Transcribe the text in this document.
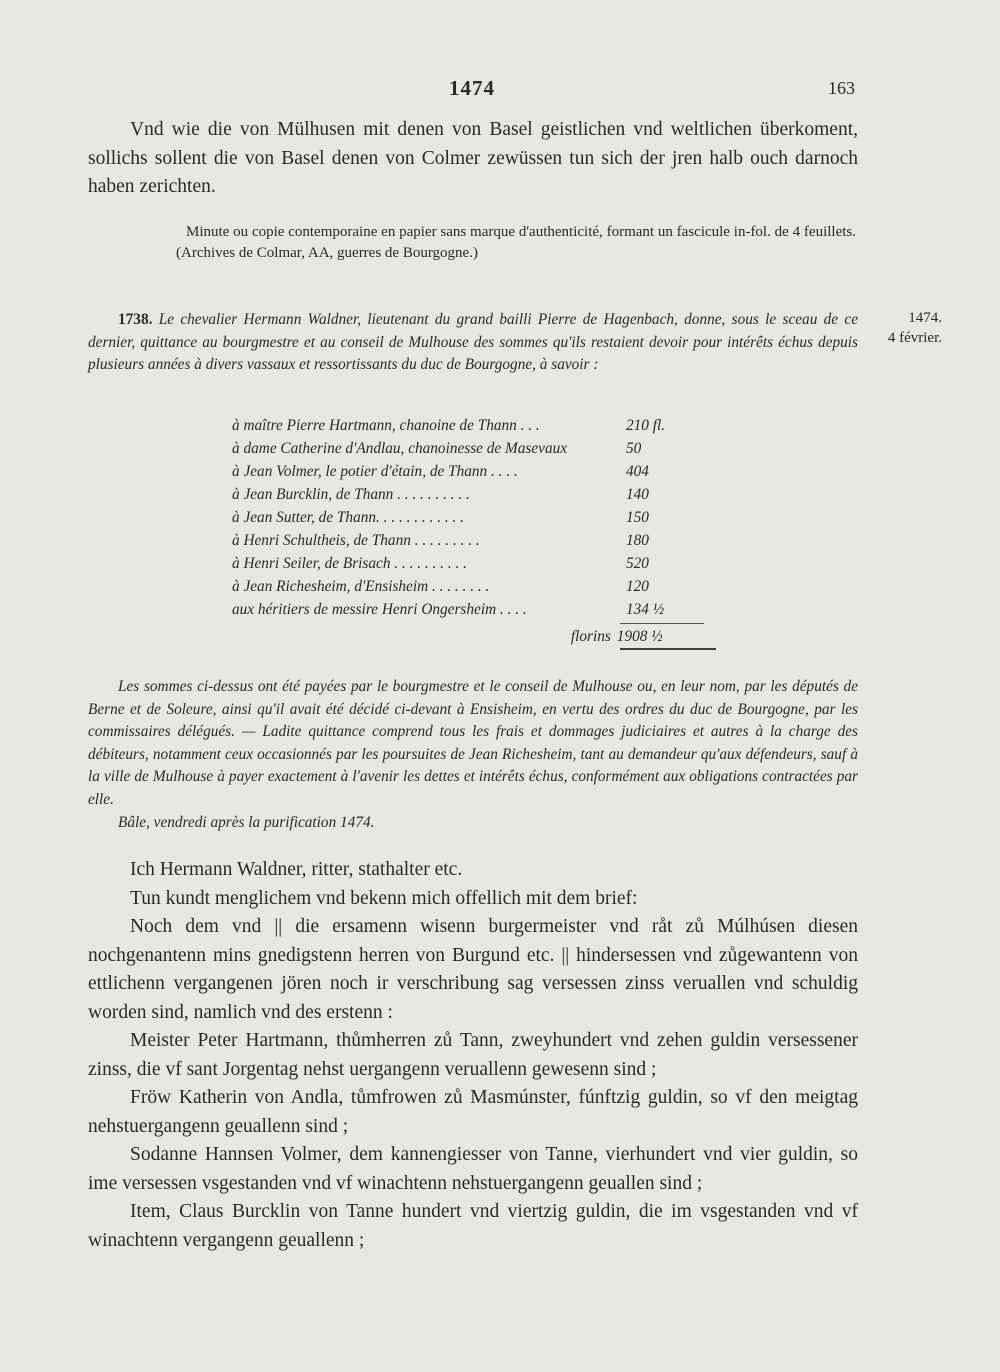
1474	163
Vnd wie die von Mülhusen mit denen von Basel geistlichen vnd weltlichen überkoment, sollichs sollent die von Basel denen von Colmer zewüssen tun sich der jren halb ouch darnoch haben zerichten.
Minute ou copie contemporaine en papier sans marque d'authenticité, formant un fascicule in-fol. de 4 feuillets. (Archives de Colmar, AA, guerres de Bourgogne.)

1738. Le chevalier Hermann Waldner, lieutenant du grand bailli Pierre de Hagenbach, donne, sous le sceau de ce dernier, quittance au bourgmestre et au conseil de Mulhouse des sommes qu'ils restaient devoir pour intérêts échus depuis plusieurs années à divers vassaux et ressortissants du duc de Bourgogne, à savoir :

1474.
4 février.
à maître Pierre Hartmann, chanoine de Thann . . .	210 fl.
à dame Catherine d'Andlau, chanoinesse de Masevaux	50
à Jean Volmer, le potier d'étain, de Thann . . . .	404
à Jean Burcklin, de Thann . . . . . . . . . .	140
à Jean Sutter, de Thann. . . . . . . . . . . .	150
à Henri Schultheis, de Thann . . . . . . . . .	180
à Henri Seiler, de Brisach . . . . . . . . . .	520
à Jean Richesheim, d'Ensisheim . . . . . . . .	120
aux héritiers de messire Henri Ongersheim . . . .	134 ½
florins 1908 ½

Les sommes ci-dessus ont été payées par le bourgmestre et le conseil de Mulhouse ou, en leur nom, par les députés de Berne et de Soleure, ainsi qu'il avait été décidé ci-devant à Ensisheim, en vertu des ordres du duc de Bourgogne, par les commissaires délégués. — Ladite quittance comprend tous les frais et dommages judiciaires et autres à la charge des débiteurs, notamment ceux occasionnés par les poursuites de Jean Richesheim, tant au demandeur qu'aux défendeurs, sauf à la ville de Mulhouse à payer exactement à l'avenir les dettes et intérêts échus, conformément aux obligations contractées par elle.

Bâle, vendredi après la purification 1474.

Ich Hermann Waldner, ritter, stathalter etc.

Tun kundt menglichem vnd bekenn mich offellich mit dem brief:

Noch dem vnd || die ersamenn wisenn burgermeister vnd råt zů Múlhúsen diesen nochgenantenn mins gnedigstenn herren von Burgund etc. || hindersessen vnd zůgewantenn von ettlichenn vergangenen jören noch ir verschribung sag versessen zinss veruallen vnd schuldig worden sind, namlich vnd des erstenn :

Meister Peter Hartmann, thůmherren zů Tann, zweyhundert vnd zehen guldin versessener zinss, die vf sant Jorgentag nehst uergangenn veruallenn gewesenn sind ;

Fröw Katherin von Andla, tůmfrowen zů Masmúnster, fúnftzig guldin, so vf den meigtag nehstuergangenn geuallenn sind ;

Sodanne Hannsen Volmer, dem kannengiesser von Tanne, vierhundert vnd vier guldin, so ime versessen vsgestanden vnd vf winachtenn nehstuergangenn geuallen sind ;

Item, Claus Burcklin von Tanne hundert vnd viertzig guldin, die im vsgestanden vnd vf winachtenn vergangenn geuallenn ;
